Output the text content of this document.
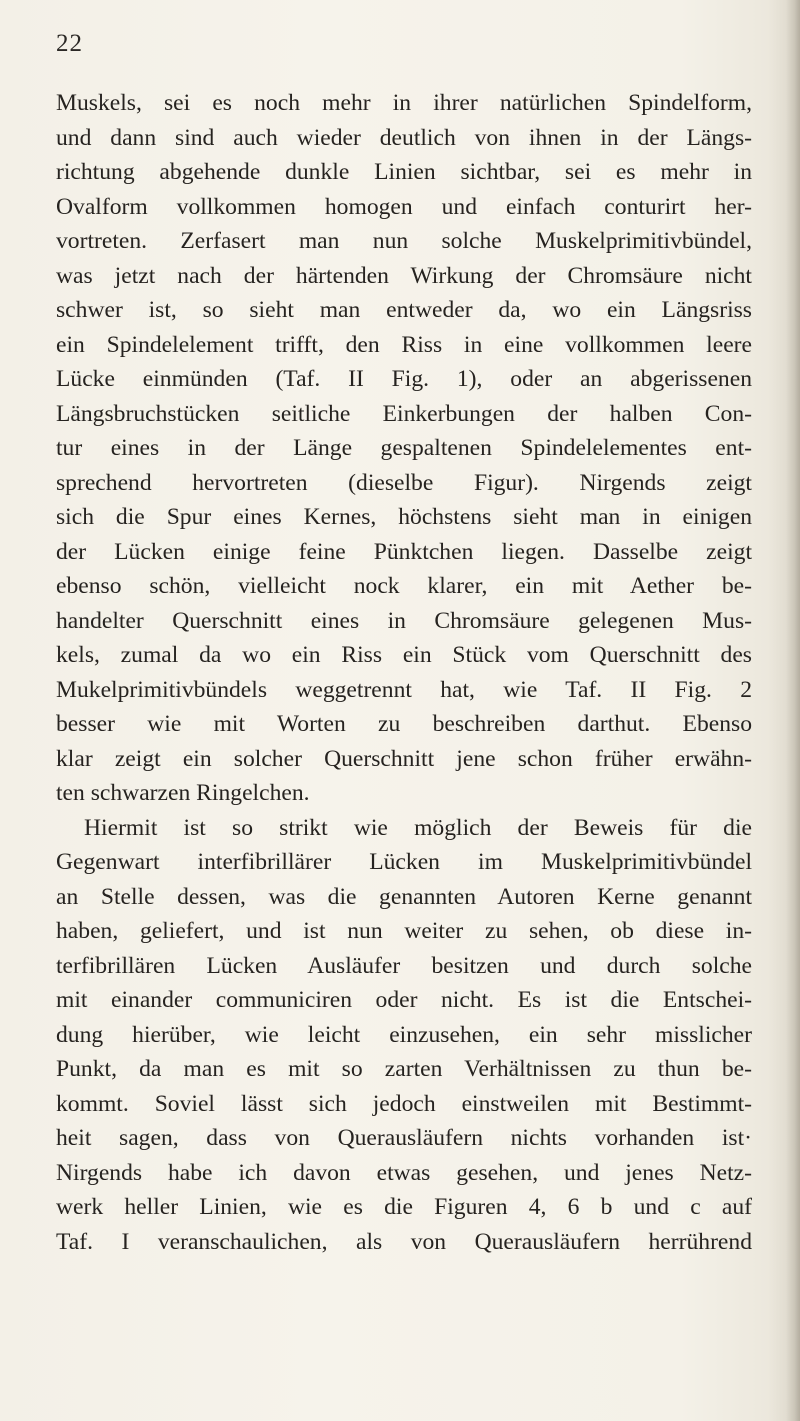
22
Muskels, sei es noch mehr in ihrer natürlichen Spindelform,
und dann sind auch wieder deutlich von ihnen in der Längs-
richtung abgehende dunkle Linien sichtbar, sei es mehr in
Ovalform vollkommen homogen und einfach conturirt her-
vortreten. Zerfasert man nun solche Muskelprimitivbündel,
was jetzt nach der härtenden Wirkung der Chromsäure nicht
schwer ist, so sieht man entweder da, wo ein Längsriss
ein Spindelelement trifft, den Riss in eine vollkommen leere
Lücke einmünden (Taf. II Fig. 1), oder an abgerissenen
Längsbruchstücken seitliche Einkerbungen der halben Con-
tur eines in der Länge gespaltenen Spindelelementes ent-
sprechend hervortreten (dieselbe Figur). Nirgends zeigt
sich die Spur eines Kernes, höchstens sieht man in einigen
der Lücken einige feine Pünktchen liegen. Dasselbe zeigt
ebenso schön, vielleicht nock klarer, ein mit Aether be-
handelter Querschnitt eines in Chromsäure gelegenen Mus-
kels, zumal da wo ein Riss ein Stück vom Querschnitt des
Mukelprimitivbündels weggetrennt hat, wie Taf. II Fig. 2
besser wie mit Worten zu beschreiben darthut. Ebenso
klar zeigt ein solcher Querschnitt jene schon früher erwähn-
ten schwarzen Ringelchen.
Hiermit ist so strikt wie möglich der Beweis für die
Gegenwart interfibrillärer Lücken im Muskelprimitivbündel
an Stelle dessen, was die genannten Autoren Kerne genannt
haben, geliefert, und ist nun weiter zu sehen, ob diese in-
terfibrillären Lücken Ausläufer besitzen und durch solche
mit einander communiciren oder nicht. Es ist die Entschei-
dung hierüber, wie leicht einzusehen, ein sehr misslicher
Punkt, da man es mit so zarten Verhältnissen zu thun be-
kommt. Soviel lässt sich jedoch einstweilen mit Bestimmt-
heit sagen, dass von Querausläufern nichts vorhanden ist·
Nirgends habe ich davon etwas gesehen, und jenes Netz-
werk heller Linien, wie es die Figuren 4, 6 b und c auf
Taf. I veranschaulichen, als von Querausläufern herrührend
